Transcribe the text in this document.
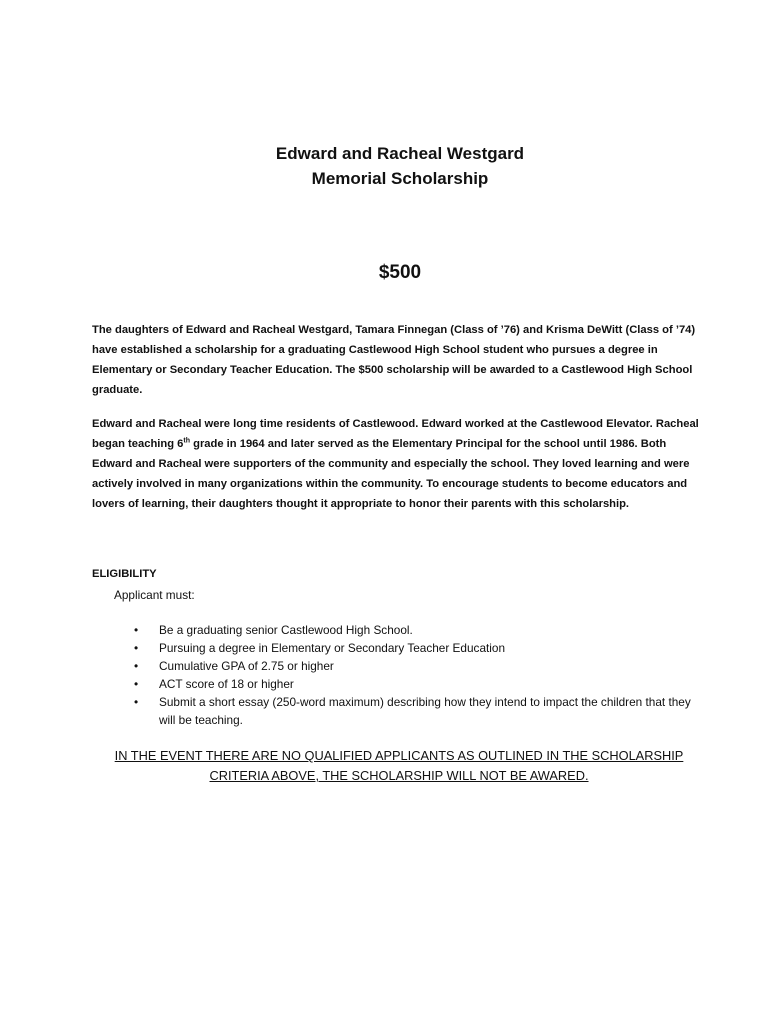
Edward and Racheal Westgard
Memorial Scholarship
$500

The daughters of Edward and Racheal Westgard, Tamara Finnegan (Class of ’76) and Krisma DeWitt (Class of ’74) have established a scholarship for a graduating Castlewood High School student who pursues a degree in Elementary or Secondary Teacher Education. The $500 scholarship will be awarded to a Castlewood High School graduate.

Edward and Racheal were long time residents of Castlewood. Edward worked at the Castlewood Elevator. Racheal began teaching 6th grade in 1964 and later served as the Elementary Principal for the school until 1986. Both Edward and Racheal were supporters of the community and especially the school. They loved learning and were actively involved in many organizations within the community. To encourage students to become educators and lovers of learning, their daughters thought it appropriate to honor their parents with this scholarship.

ELIGIBILITY
Applicant must:
• Be a graduating senior Castlewood High School.
• Pursuing a degree in Elementary or Secondary Teacher Education
• Cumulative GPA of 2.75 or higher
• ACT score of 18 or higher
• Submit a short essay (250-word maximum) describing how they intend to impact the children that they will be teaching.
IN THE EVENT THERE ARE NO QUALIFIED APPLICANTS AS OUTLINED IN THE SCHOLARSHIP CRITERIA ABOVE, THE SCHOLARSHIP WILL NOT BE AWARED.
